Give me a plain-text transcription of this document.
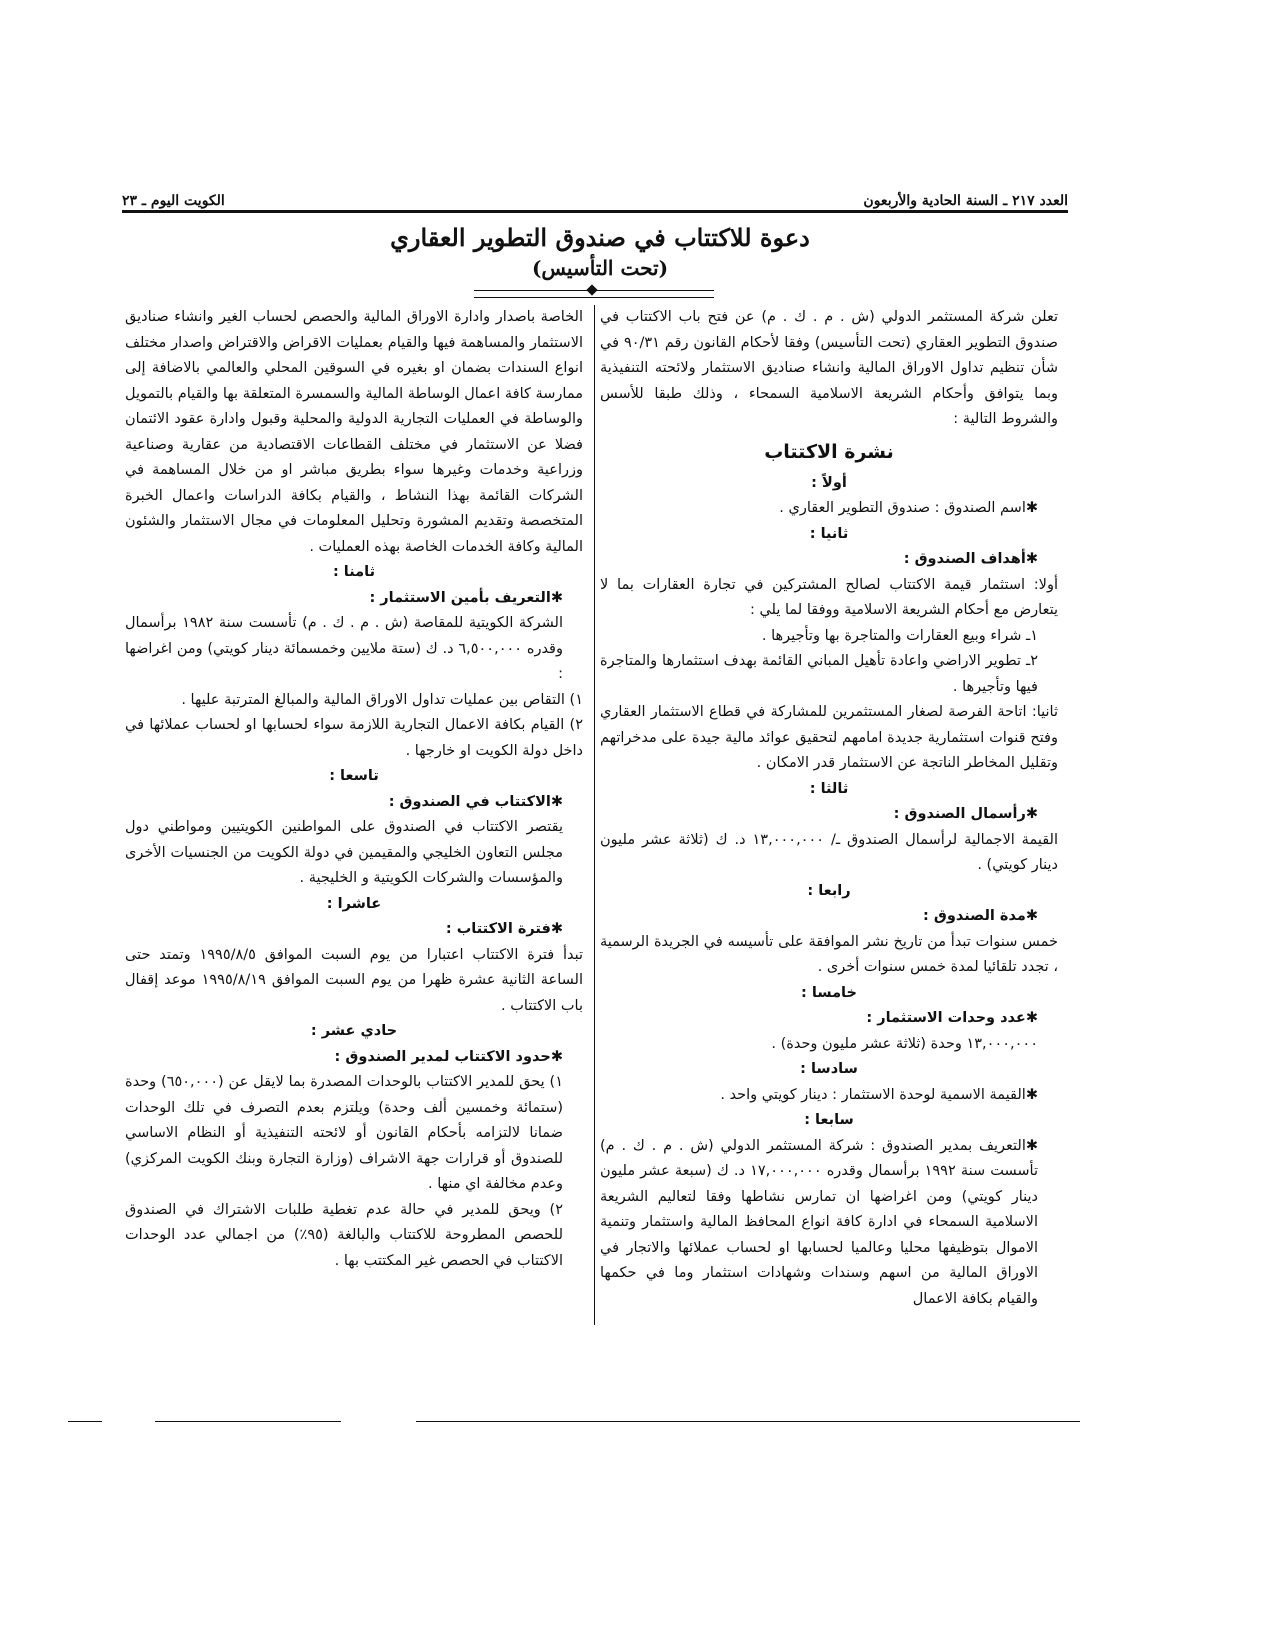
العدد ٢١٧ ـ السنة الحادية والأربعون
الكويت اليوم ـ ٢٣
دعوة للاكتتاب في صندوق التطوير العقاري
(تحت التأسيس)

تعلن شركة المستثمر الدولي (ش . م . ك . م) عن فتح باب الاكتتاب في صندوق التطوير العقاري (تحت التأسيس) وفقا لأحكام القانون رقم ٩٠/٣١ في شأن تنظيم تداول الاوراق المالية وانشاء صناديق الاستثمار ولائحته التنفيذية وبما يتوافق وأحكام الشريعة الاسلامية السمحاء ، وذلك طبقا للأسس والشروط التالية :

نشرة الاكتتاب

أولاً :

✱ اسم الصندوق : صندوق التطوير العقاري .

ثانيا :

✱ أهداف الصندوق :

أولا: استثمار قيمة الاكتتاب لصالح المشتركين في تجارة العقارات بما لا يتعارض مع أحكام الشريعة الاسلامية ووفقا لما يلي :

١ـ شراء وبيع العقارات والمتاجرة بها وتأجيرها .

٢ـ تطوير الاراضي واعادة تأهيل المباني القائمة بهدف استثمارها والمتاجرة فيها وتأجيرها .

ثانيا: اتاحة الفرصة لصغار المستثمرين للمشاركة في قطاع الاستثمار العقاري وفتح قنوات استثمارية جديدة امامهم لتحقيق عوائد مالية جيدة على مدخراتهم وتقليل المخاطر الناتجة عن الاستثمار قدر الامكان .

ثالثا :

✱ رأسمال الصندوق :

القيمة الاجمالية لرأسمال الصندوق ـ/ ١٣,٠٠٠,٠٠٠ د. ك (ثلاثة عشر مليون دينار كويتي) .

رابعا :

✱ مدة الصندوق :

خمس سنوات تبدأ من تاريخ نشر الموافقة على تأسيسه في الجريدة الرسمية ، تجدد تلقائيا لمدة خمس سنوات أخرى .

خامسا :

✱ عدد وحدات الاستثمار :

١٣,٠٠٠,٠٠٠ وحدة (ثلاثة عشر مليون وحدة) .

سادسا :

✱ القيمة الاسمية لوحدة الاستثمار : دينار كويتي واحد .

سابعا :

✱ التعريف بمدير الصندوق : شركة المستثمر الدولي (ش . م . ك . م) تأسست سنة ١٩٩٢ برأسمال وقدره ١٧,٠٠٠,٠٠٠ د. ك (سبعة عشر مليون دينار كويتي) ومن اغراضها ان تمارس نشاطها وفقا لتعاليم الشريعة الاسلامية السمحاء في ادارة كافة انواع المحافظ المالية واستثمار وتنمية الاموال بتوظيفها محليا وعالميا لحسابها او لحساب عملائها والاتجار في الاوراق المالية من اسهم وسندات وشهادات استثمار وما في حكمها والقيام بكافة الاعمال

الخاصة باصدار وادارة الاوراق المالية والحصص لحساب الغير وانشاء صناديق الاستثمار والمساهمة فيها والقيام بعمليات الاقراض والاقتراض واصدار مختلف انواع السندات بضمان او بغيره في السوقين المحلي والعالمي بالاضافة إلى ممارسة كافة اعمال الوساطة المالية والسمسرة المتعلقة بها والقيام بالتمويل والوساطة في العمليات التجارية الدولية والمحلية وقبول وادارة عقود الائتمان فضلا عن الاستثمار في مختلف القطاعات الاقتصادية من عقارية وصناعية وزراعية وخدمات وغيرها سواء بطريق مباشر او من خلال المساهمة في الشركات القائمة بهذا النشاط ، والقيام بكافة الدراسات واعمال الخبرة المتخصصة وتقديم المشورة وتحليل المعلومات في مجال الاستثمار والشئون المالية وكافة الخدمات الخاصة بهذه العمليات .

ثامنا :

✱ التعريف بأمين الاستثمار :

الشركة الكويتية للمقاصة (ش . م . ك . م) تأسست سنة ١٩٨٢ برأسمال وقدره ٦,٥٠٠,٠٠٠ د. ك (ستة ملايين وخمسمائة دينار كويتي) ومن اغراضها :

١) التقاص بين عمليات تداول الاوراق المالية والمبالغ المترتبة عليها .

٢) القيام بكافة الاعمال التجارية اللازمة سواء لحسابها او لحساب عملائها في داخل دولة الكويت او خارجها .

تاسعا :

✱ الاكتتاب في الصندوق :

يقتصر الاكتتاب في الصندوق على المواطنين الكويتيين ومواطني دول مجلس التعاون الخليجي والمقيمين في دولة الكويت من الجنسيات الأخرى والمؤسسات والشركات الكويتية و الخليجية .

عاشرا :

✱ فترة الاكتتاب :

تبدأ فترة الاكتتاب اعتبارا من يوم السبت الموافق ١٩٩٥/٨/٥ وتمتد حتى الساعة الثانية عشرة ظهرا من يوم السبت الموافق ١٩٩٥/٨/١٩ موعد إقفال باب الاكتتاب .

حادي عشر :

✱ حدود الاكتتاب لمدير الصندوق :

١) يحق للمدير الاكتتاب بالوحدات المصدرة بما لايقل عن (٦٥٠,٠٠٠) وحدة (ستمائة وخمسين ألف وحدة) ويلتزم بعدم التصرف في تلك الوحدات ضمانا لالتزامه بأحكام القانون أو لائحته التنفيذية أو النظام الاساسي للصندوق أو قرارات جهة الاشراف (وزارة التجارة وبنك الكويت المركزي) وعدم مخالفة اي منها .

٢) ويحق للمدير في حالة عدم تغطية طلبات الاشتراك في الصندوق للحصص المطروحة للاكتتاب والبالغة (٩٥٪) من اجمالي عدد الوحدات الاكتتاب في الحصص غير المكتتب بها .
